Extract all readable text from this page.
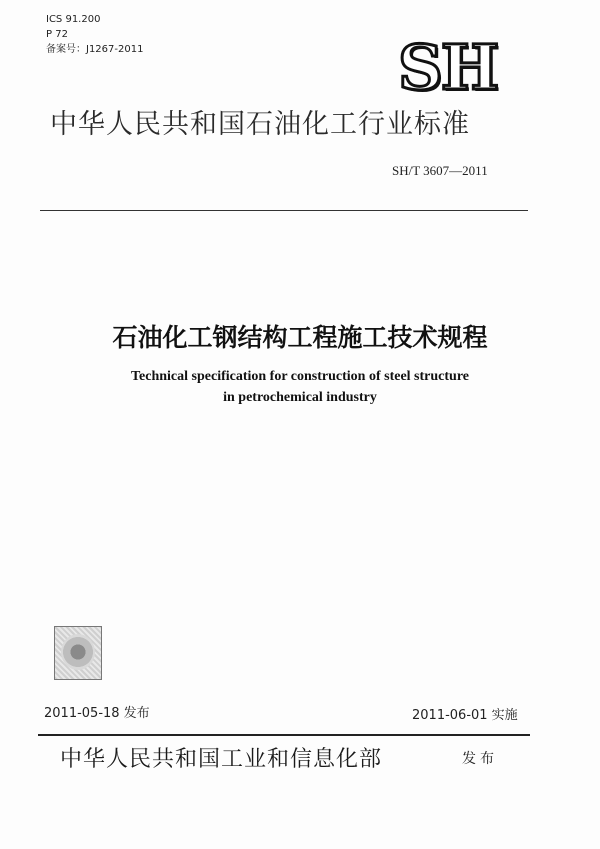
ICS 91.200
P 72
备案号：J1267-2011	SH
中华人民共和国石油化工行业标准
SH/T 3607—2011
石油化工钢结构工程施工技术规程
Technical specification for construction of steel structure
in petrochemical industry
2011-05-18 发布	2011-06-01 实施
中华人民共和国工业和信息化部	发布
